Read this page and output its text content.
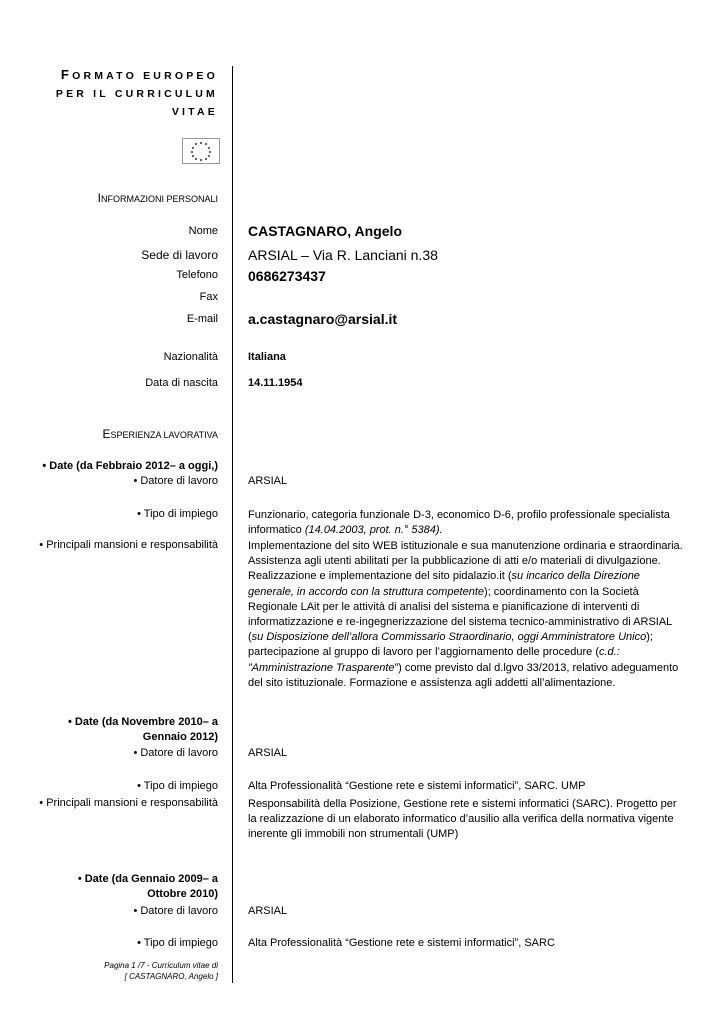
FORMATO EUROPEO
PER IL CURRICULUM
VITAE
INFORMAZIONI PERSONALI
Nome CASTAGNARO, Angelo
Sede di lavoro ARSIAL – Via R. Lanciani n.38
Telefono 0686273437
Fax
E-mail a.castagnaro@arsial.it
Nazionalità	Italiana
Data di nascita	14.11.1954
ESPERIENZA LAVORATIVA
• Date (da Febbraio 2012– a oggi,)
• Datore di lavoro	ARSIAL
• Tipo di impiego	Funzionario, categoria funzionale D-3, economico D-6, profilo professionale specialista informatico (14.04.2003, prot. n.° 5384).
• Principali mansioni e responsabilità	Implementazione del sito WEB istituzionale e sua manutenzione ordinaria e straordinaria. Assistenza agli utenti abilitati per la pubblicazione di atti e/o materiali di divulgazione. Realizzazione e implementazione del sito pidalazio.it (su incarico della Direzione generale, in accordo con la struttura competente); coordinamento con la Società Regionale LAit per le attività di analisi del sistema e pianificazione di interventi di informatizzazione e re-ingegnerizzazione del sistema tecnico-amministrativo di ARSIAL (su Disposizione dell’allora Commissario Straordinario, oggi Amministratore Unico); partecipazione al gruppo di lavoro per l’aggiornamento delle procedure (c.d.: ”Amministrazione Trasparente”) come previsto dal d.lgvo 33/2013, relativo adeguamento del sito istituzionale. Formazione e assistenza agli addetti all’alimentazione.
• Date (da Novembre 2010– a
Gennaio 2012)
• Datore di lavoro	ARSIAL
• Tipo di impiego	Alta Professionalità “Gestione rete e sistemi informatici”, SARC. UMP
• Principali mansioni e responsabilità	Responsabilità della Posizione, Gestione rete e sistemi informatici (SARC). Progetto per la realizzazione di un elaborato informatico d’ausilio alla verifica della normativa vigente inerente gli immobili non strumentali (UMP)
• Date (da Gennaio 2009– a
Ottobre 2010)
• Datore di lavoro	ARSIAL
• Tipo di impiego	Alta Professionalità “Gestione rete e sistemi informatici”, SARC
Pagina 1 /7 - Curriculum vitae di
[ CASTAGNARO, Angelo ]
